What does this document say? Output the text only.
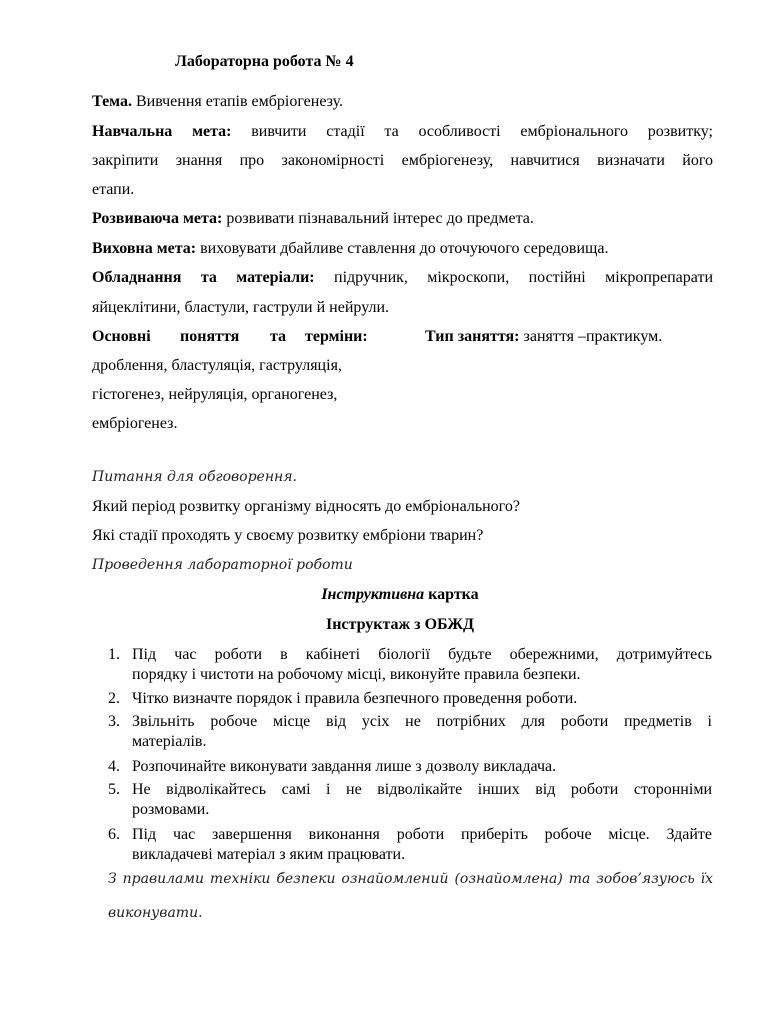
Лабораторна робота № 4
Тема. Вивчення етапів ембріогенезу.
Навчальна мета: вивчити стадії та особливості ембріонального розвитку;
закріпити знання про закономірності ембріогенезу, навчитися визначати його
етапи.
Розвиваюча мета: розвивати пізнавальний інтерес до предмета.
Виховна мета: виховувати дбайливе ставлення до оточуючого середовища.
Обладнання та матеріали: підручник, мікроскопи, постійні мікропрепарати
яйцеклітини, бластули, гаструли й нейрули.
Основні поняття та терміни:	Тип заняття: заняття –практикум.
дроблення, бластуляція, гаструляція,
гістогенез, нейруляція, органогенез,
ембріогенез.
Питання для обговорення.
Який період розвитку організму відносять до ембріонального?
Які стадії проходять у своєму розвитку ембріони тварин?
Проведення лабораторної роботи
Інструктивна картка
Інструктаж з ОБЖД
1. Під час роботи в кабінеті біології будьте обережними, дотримуйтесь
порядку і чистоти на робочому місці, виконуйте правила безпеки.
2. Чітко визначте порядок і правила безпечного проведення роботи.
3. Звільніть робоче місце від усіх не потрібних для роботи предметів і
матеріалів.
4. Розпочинайте виконувати завдання лише з дозволу викладача.
5. Не відволікайтесь самі і не відволікайте інших від роботи сторонніми
розмовами.
6. Під час завершення виконання роботи приберіть робоче місце. Здайте
викладачеві матеріал з яким працювати.
З правилами техніки безпеки ознайомлений (ознайомлена) та зобов’язуюсь їх виконувати.
